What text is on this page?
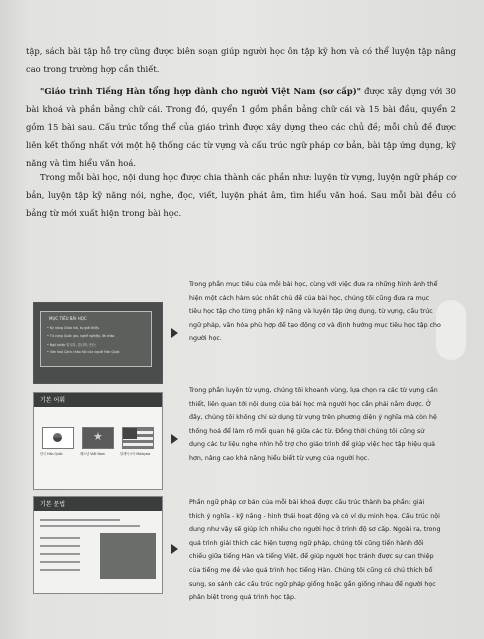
tập, sách bài tập hỗ trợ cũng được biên soạn giúp người học ôn tập kỹ hơn và có thể luyện tập nâng cao trong trường hợp cần thiết.
"Giáo trình Tiếng Hàn tổng hợp dành cho người Việt Nam (sơ cấp)" được xây dựng với 30 bài khoá và phần bảng chữ cái. Trong đó, quyển 1 gồm phần bảng chữ cái và 15 bài đầu, quyển 2 gồm 15 bài sau. Cấu trúc tổng thể của giáo trình được xây dựng theo các chủ đề; mỗi chủ đề được liên kết thống nhất với một hệ thống các từ vựng và cấu trúc ngữ pháp cơ bản, bài tập ứng dụng, kỹ năng và tìm hiểu văn hoá.
Trong mỗi bài học, nội dung học được chia thành các phần như: luyện từ vựng, luyện ngữ pháp cơ bản, luyện tập kỹ năng nói, nghe, đọc, viết, luyện phát âm, tìm hiểu văn hoá. Sau mỗi bài đều có bảng từ mới xuất hiện trong bài học.
MỤC TIÊU BÀI HỌC
• Kỹ năng Chào hỏi, tự giới thiệu
• Từ vựng Quốc gia, nghề nghiệp, lời chào
• Ngữ pháp 입니다, 입니까, 은/는
• Văn hoá Cách chào hỏi của người Hàn Quốc
Trong phần mục tiêu của mỗi bài học, cùng với việc đưa ra những hình ảnh thể hiện một cách hàm súc nhất chủ đề của bài học, chúng tôi cũng đưa ra mục tiêu học tập cho từng phần kỹ năng và luyện tập ứng dụng, từ vựng, cấu trúc ngữ pháp, văn hóa phù hợp để tạo động cơ và định hướng mục tiêu học tập cho người học.
기본 어휘
★
한국 Hàn Quốc	베트남 Việt Nam	말레이시아 Malaysia
Trong phần luyện từ vựng, chúng tôi khoanh vùng, lựa chọn ra các từ vựng cần thiết, liên quan tới nội dung của bài học mà người học cần phải nắm được. Ở đây, chúng tôi không chỉ sử dụng từ vựng trên phương diện ý nghĩa mà còn hệ thống hoá để làm rõ mối quan hệ giữa các từ. Đồng thời chúng tôi cũng sử dụng các tư liệu nghe nhìn hỗ trợ cho giáo trình để giúp việc học tập hiệu quả hơn, nâng cao khả năng hiểu biết từ vựng của người học.
기본 문법	Phần ngữ pháp cơ bản của mỗi bài khoá được cấu trúc thành ba phần: giải thích ý nghĩa - kỹ năng - hình thái hoạt động và có ví dụ minh họa. Cấu trúc nội dung như vậy sẽ giúp ích nhiều cho người học ở trình độ sơ cấp. Ngoài ra, trong quá trình giải thích các hiện tượng ngữ pháp, chúng tôi cũng tiến hành đối chiếu giữa tiếng Hàn và tiếng Việt, để giúp người học tránh được sự can thiệp của tiếng mẹ đẻ vào quá trình học tiếng Hàn. Chúng tôi cũng có chú thích bổ sung, so sánh các cấu trúc ngữ pháp giống hoặc gần giống nhau để người học phân biệt trong quá trình học tập.
